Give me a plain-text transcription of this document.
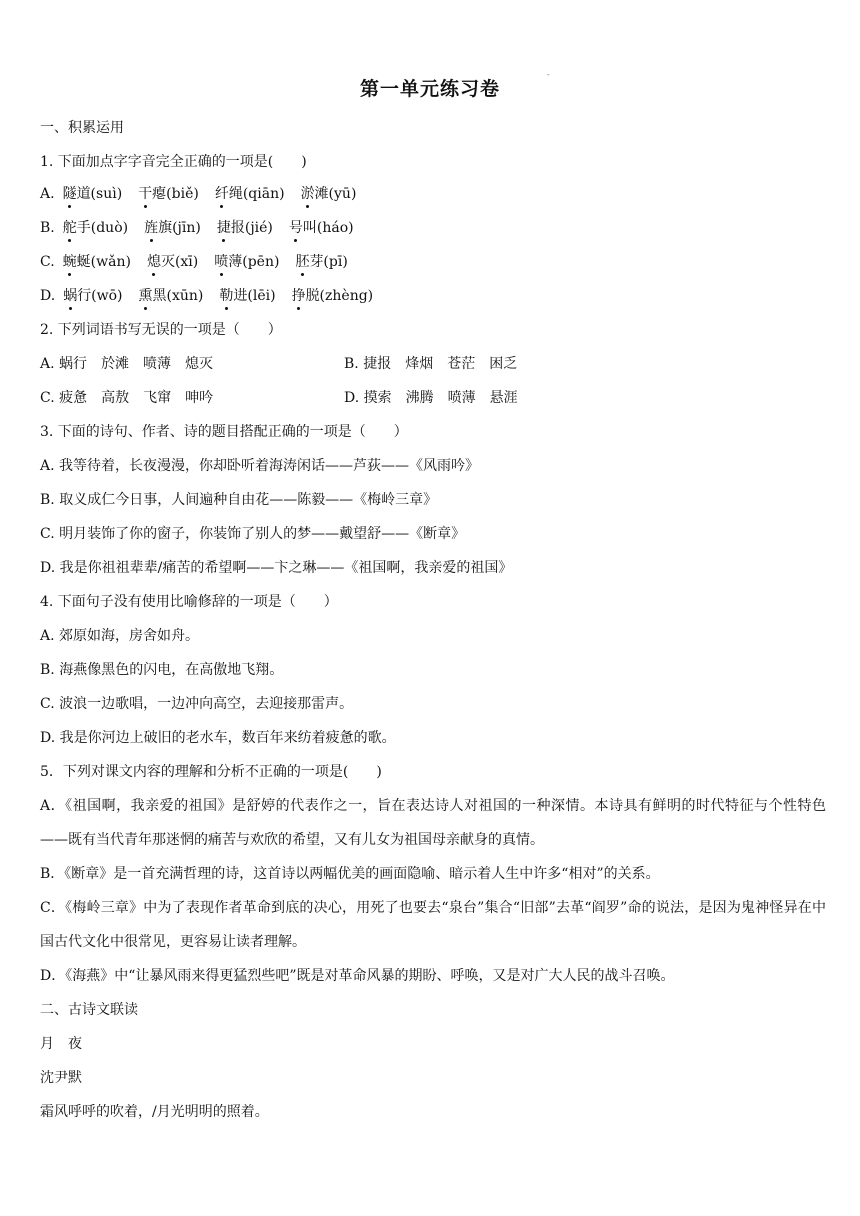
-
第一单元练习卷
一、积累运用
1. 下面加点字字音完全正确的一项是(　　)
A. 隧道(suì) 干瘪(biě) 纤绳(qiān) 淤滩(yū)
B. 舵手(duò) 旌旗(jīn) 捷报(jié) 号叫(háo)
C. 蜿蜒(wǎn) 熄灭(xī) 喷薄(pēn) 胚芽(pī)
D. 蜗行(wō) 熏黑(xūn) 勒进(lēi) 挣脱(zhèng)
2. 下列词语书写无误的一项是（　　）
A. 蜗行　於滩　喷薄　熄灭	B. 捷报　烽烟　苍茫　困乏
C. 疲惫　高敖　飞窜　呻吟	D. 摸索　沸腾　喷薄　悬涯
3. 下面的诗句、作者、诗的题目搭配正确的一项是（　　）
A. 我等待着，长夜漫漫，你却卧听着海涛闲话——芦荻——《风雨吟》
B. 取义成仁今日事，人间遍种自由花——陈毅——《梅岭三章》
C. 明月装饰了你的窗子，你装饰了别人的梦——戴望舒——《断章》
D. 我是你祖祖辈辈/痛苦的希望啊——卞之琳——《祖国啊，我亲爱的祖国》
4. 下面句子没有使用比喻修辞的一项是（　　）
A. 郊原如海，房舍如舟。
B. 海燕像黑色的闪电，在高傲地飞翔。
C. 波浪一边歌唱，一边冲向高空，去迎接那雷声。
D. 我是你河边上破旧的老水车，数百年来纺着疲惫的歌。
5．下列对课文内容的理解和分析不正确的一项是(　　)
A．《祖国啊，我亲爱的祖国》是舒婷的代表作之一，旨在表达诗人对祖国的一种深情。本诗具有鲜明的时代特征与个性特色——既有当代青年那迷惘的痛苦与欢欣的希望，又有儿女为祖国母亲献身的真情。
B．《断章》是一首充满哲理的诗，这首诗以两幅优美的画面隐喻、暗示着人生中许多“相对”的关系。
C．《梅岭三章》中为了表现作者革命到底的决心，用死了也要去“泉台”集合“旧部”去革“阎罗”命的说法，是因为鬼神怪异在中国古代文化中很常见，更容易让读者理解。
D．《海燕》中“让暴风雨来得更猛烈些吧”既是对革命风暴的期盼、呼唤，又是对广大人民的战斗召唤。
二、古诗文联读
月　夜
沈尹默
霜风呼呼的吹着，/月光明明的照着。
